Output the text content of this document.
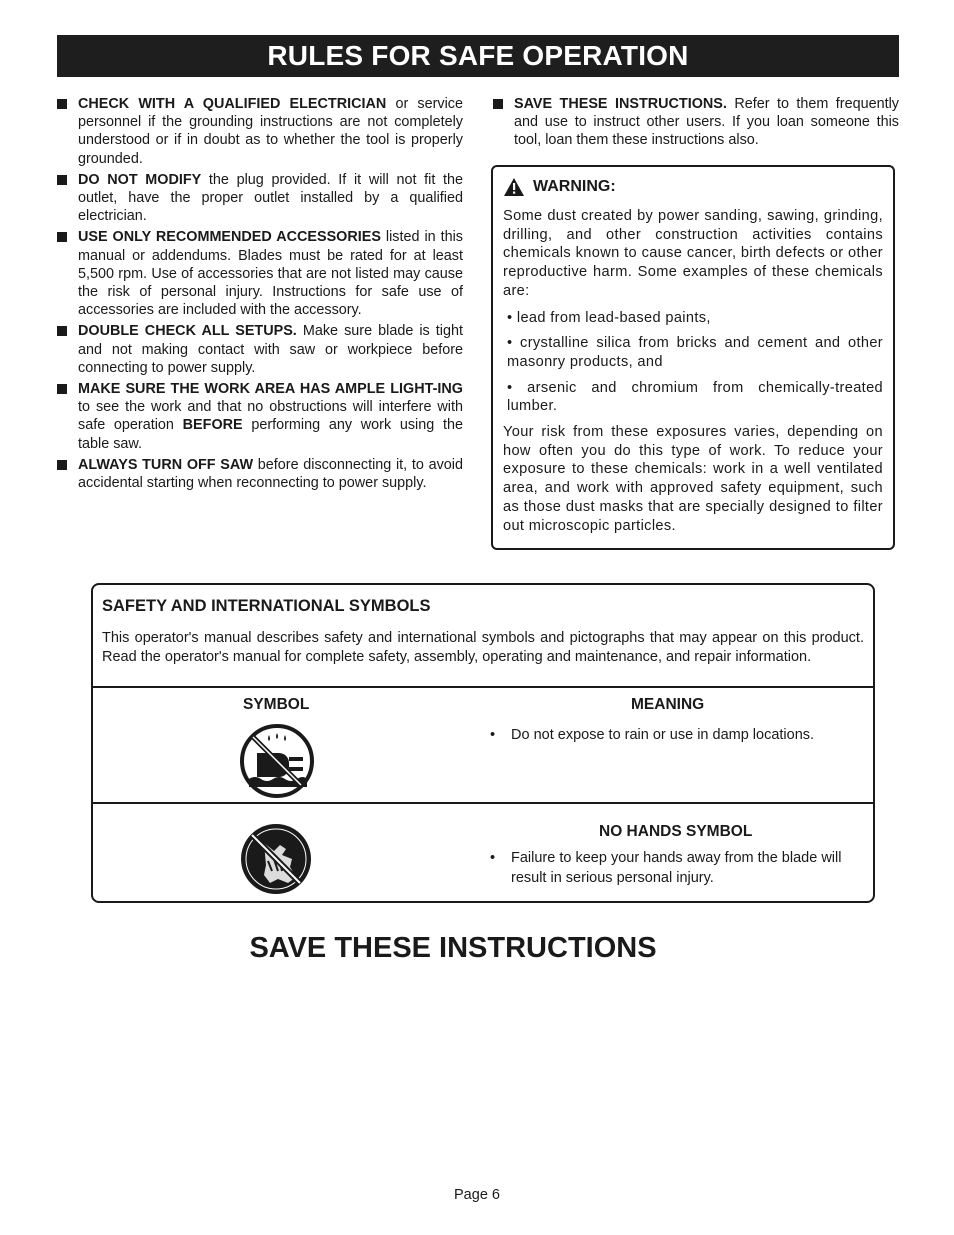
RULES FOR SAFE OPERATION
CHECK WITH A QUALIFIED ELECTRICIAN or service personnel if the grounding instructions are not completely understood or if in doubt as to whether the tool is properly grounded.
DO NOT MODIFY the plug provided. If it will not fit the outlet, have the proper outlet installed by a qualified electrician.
USE ONLY RECOMMENDED ACCESSORIES listed in this manual or addendums. Blades must be rated for at least 5,500 rpm. Use of accessories that are not listed may cause the risk of personal injury. Instructions for safe use of accessories are included with the accessory.
DOUBLE CHECK ALL SETUPS. Make sure blade is tight and not making contact with saw or workpiece before connecting to power supply.
MAKE SURE THE WORK AREA HAS AMPLE LIGHT-ING to see the work and that no obstructions will interfere with safe operation BEFORE performing any work using the table saw.
ALWAYS TURN OFF SAW before disconnecting it, to avoid accidental starting when reconnecting to power supply.
SAVE THESE INSTRUCTIONS. Refer to them frequently and use to instruct other users. If you loan someone this tool, loan them these instructions also.
WARNING:

Some dust created by power sanding, sawing, grinding, drilling, and other construction activities contains chemicals known to cause cancer, birth defects or other reproductive harm. Some examples of these chemicals are:

• lead from lead-based paints,
• crystalline silica from bricks and cement and other masonry products, and
• arsenic and chromium from chemically-treated lumber.

Your risk from these exposures varies, depending on how often you do this type of work. To reduce your exposure to these chemicals: work in a well ventilated area, and work with approved safety equipment, such as those dust masks that are specially designed to filter out microscopic particles.

SAFETY AND INTERNATIONAL SYMBOLS
This operator's manual describes safety and international symbols and pictographs that may appear on this product. Read the operator's manual for complete safety, assembly, operating and maintenance, and repair information.
SYMBOL	MEANING
• Do not expose to rain or use in damp locations.
NO HANDS SYMBOL
• Failure to keep your hands away from the blade will result in serious personal injury.
SAVE THESE INSTRUCTIONS
Page 6
